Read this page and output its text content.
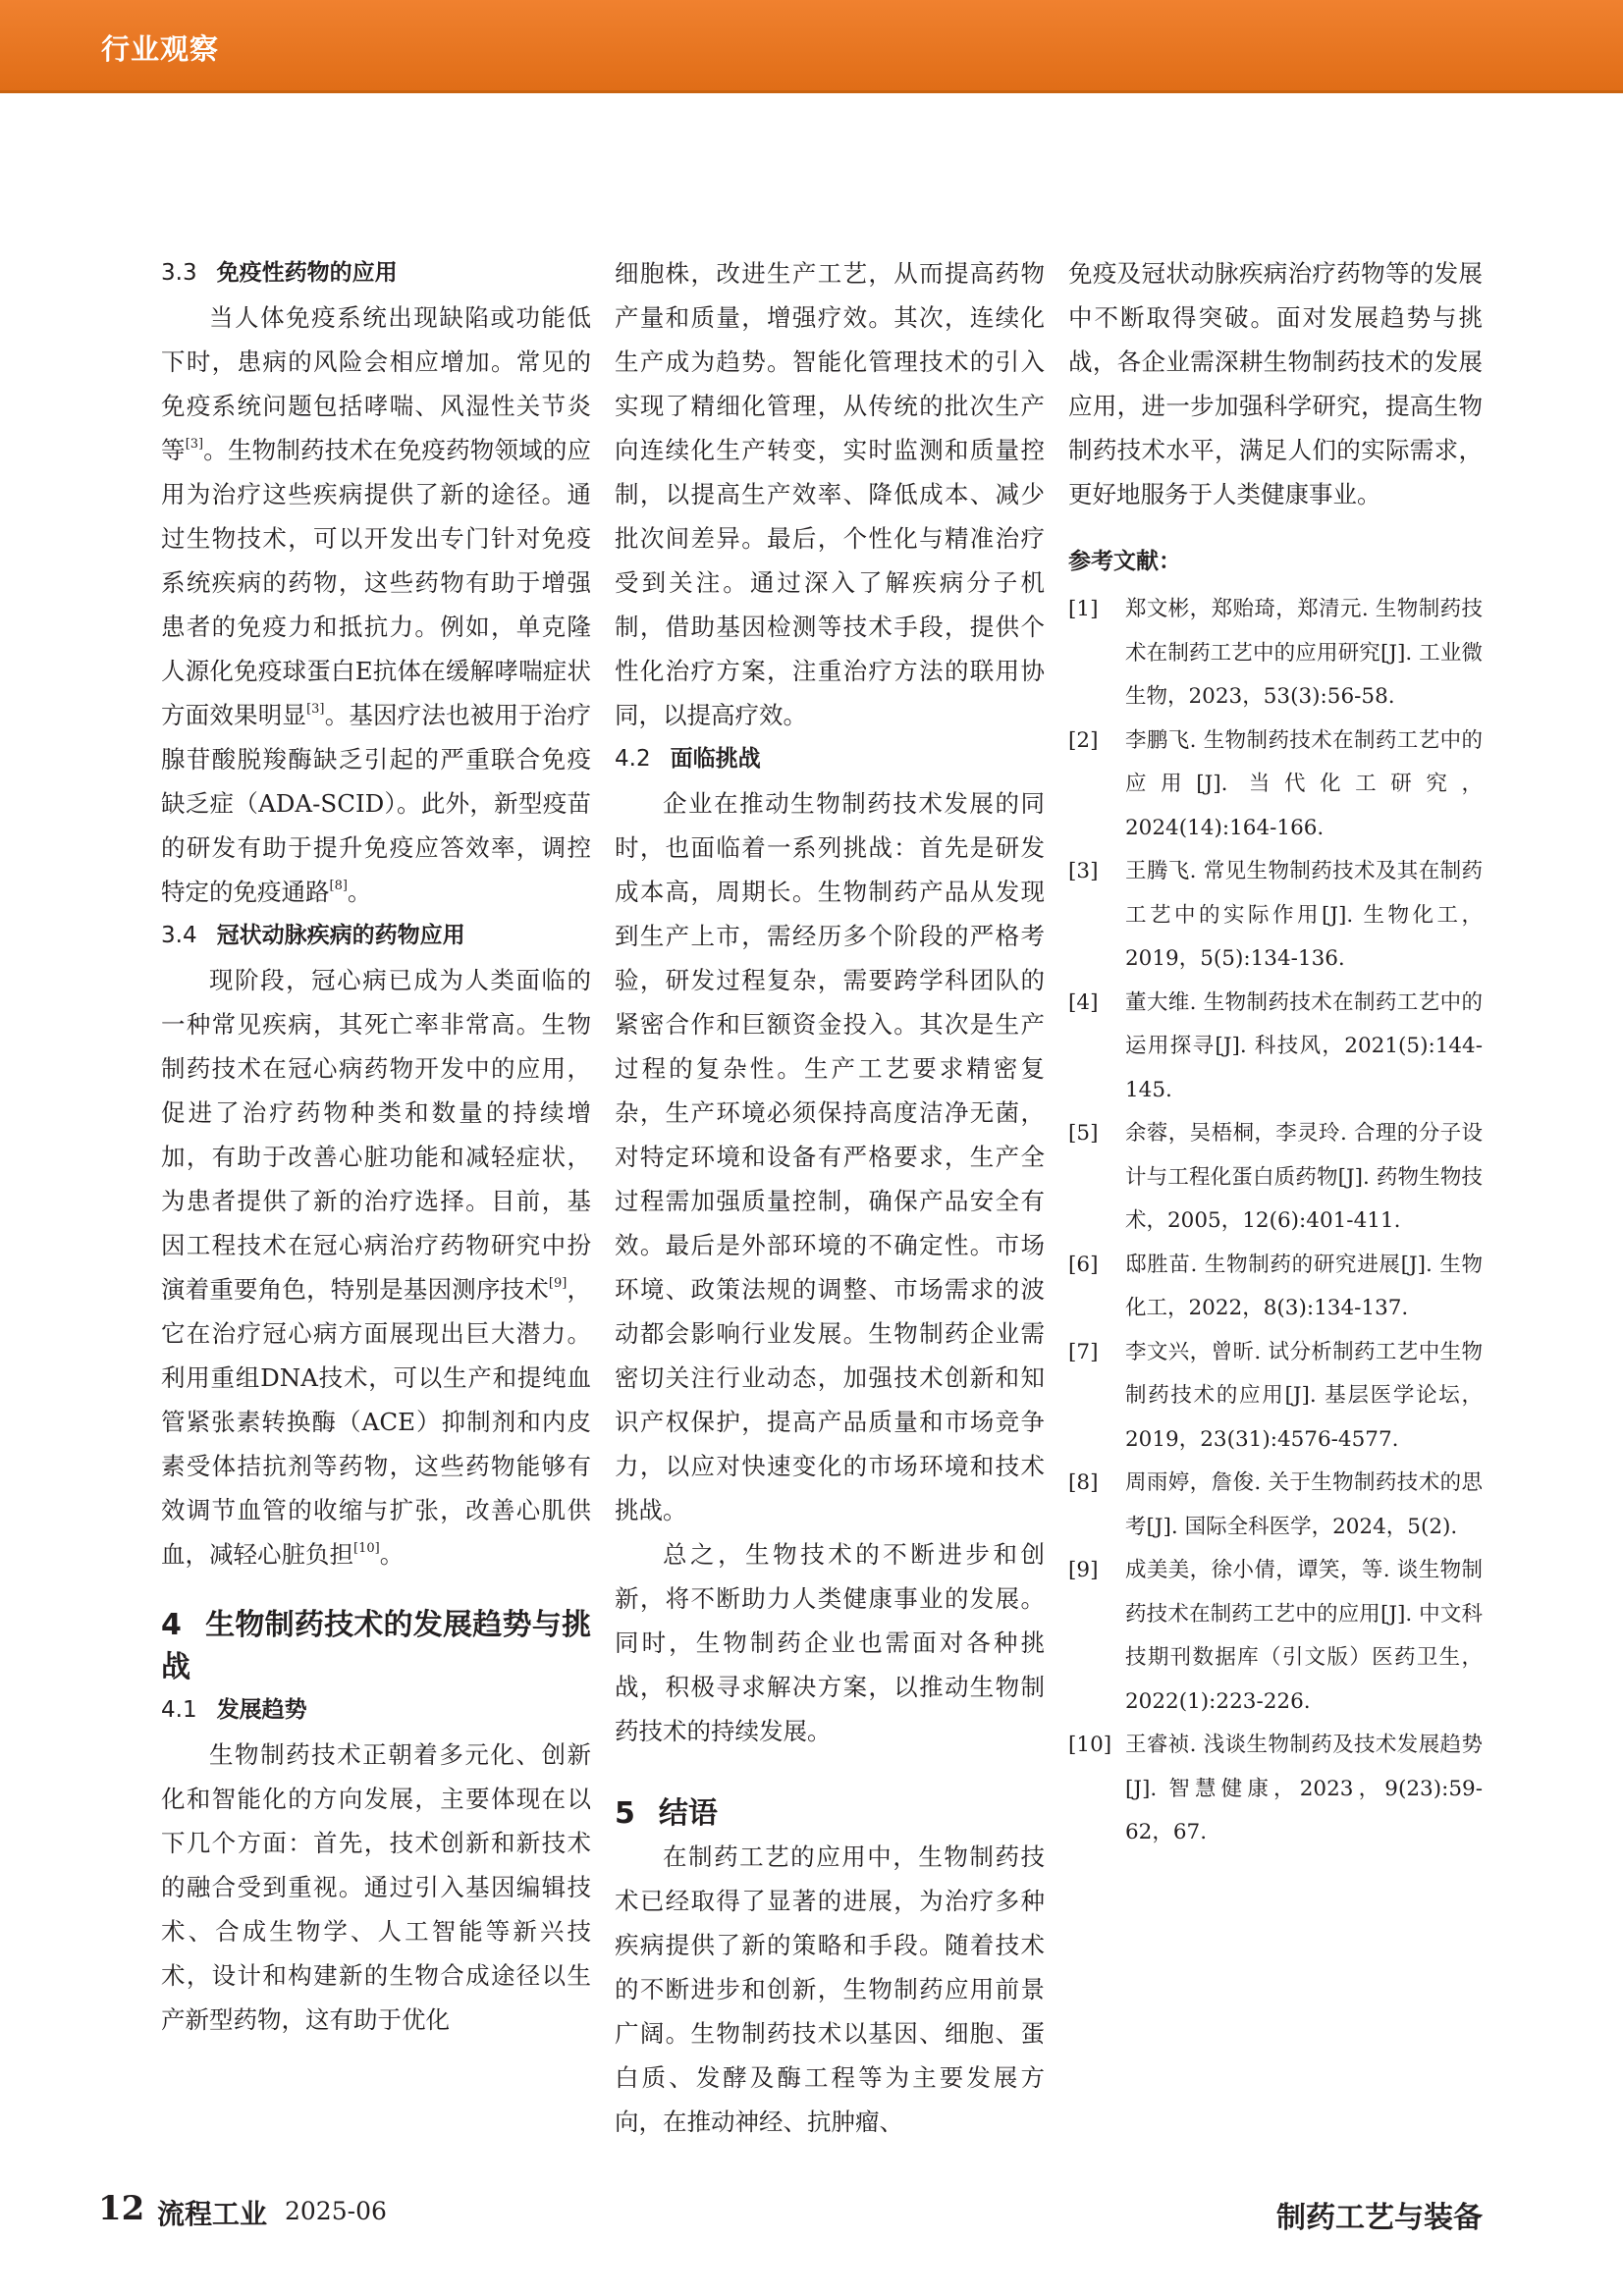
行业观察
3.3 免疫性药物的应用

当人体免疫系统出现缺陷或功能低下时，患病的风险会相应增加。常见的免疫系统问题包括哮喘、风湿性关节炎等[3]。生物制药技术在免疫药物领域的应用为治疗这些疾病提供了新的途径。通过生物技术，可以开发出专门针对免疫系统疾病的药物，这些药物有助于增强患者的免疫力和抵抗力。例如，单克隆人源化免疫球蛋白E抗体在缓解哮喘症状方面效果明显[3]。基因疗法也被用于治疗腺苷酸脱羧酶缺乏引起的严重联合免疫缺乏症（ADA-SCID）。此外，新型疫苗的研发有助于提升免疫应答效率，调控特定的免疫通路[8]。

3.4 冠状动脉疾病的药物应用

现阶段，冠心病已成为人类面临的一种常见疾病，其死亡率非常高。生物制药技术在冠心病药物开发中的应用，促进了治疗药物种类和数量的持续增加，有助于改善心脏功能和减轻症状，为患者提供了新的治疗选择。目前，基因工程技术在冠心病治疗药物研究中扮演着重要角色，特别是基因测序技术[9]，它在治疗冠心病方面展现出巨大潜力。利用重组DNA技术，可以生产和提纯血管紧张素转换酶（ACE）抑制剂和内皮素受体拮抗剂等药物，这些药物能够有效调节血管的收缩与扩张，改善心肌供血，减轻心脏负担[10]。

4 生物制药技术的发展趋势与挑战
4.1 发展趋势

生物制药技术正朝着多元化、创新化和智能化的方向发展，主要体现在以下几个方面：首先，技术创新和新技术的融合受到重视。通过引入基因编辑技术、合成生物学、人工智能等新兴技术，设计和构建新的生物合成途径以生产新型药物，这有助于优化

细胞株，改进生产工艺，从而提高药物产量和质量，增强疗效。其次，连续化生产成为趋势。智能化管理技术的引入实现了精细化管理，从传统的批次生产向连续化生产转变，实时监测和质量控制，以提高生产效率、降低成本、减少批次间差异。最后，个性化与精准治疗受到关注。通过深入了解疾病分子机制，借助基因检测等技术手段，提供个性化治疗方案，注重治疗方法的联用协同，以提高疗效。

4.2 面临挑战

企业在推动生物制药技术发展的同时，也面临着一系列挑战：首先是研发成本高，周期长。生物制药产品从发现到生产上市，需经历多个阶段的严格考验，研发过程复杂，需要跨学科团队的紧密合作和巨额资金投入。其次是生产过程的复杂性。生产工艺要求精密复杂，生产环境必须保持高度洁净无菌，对特定环境和设备有严格要求，生产全过程需加强质量控制，确保产品安全有效。最后是外部环境的不确定性。市场环境、政策法规的调整、市场需求的波动都会影响行业发展。生物制药企业需密切关注行业动态，加强技术创新和知识产权保护，提高产品质量和市场竞争力，以应对快速变化的市场环境和技术挑战。

总之，生物技术的不断进步和创新，将不断助力人类健康事业的发展。同时，生物制药企业也需面对各种挑战，积极寻求解决方案，以推动生物制药技术的持续发展。

5 结语

在制药工艺的应用中，生物制药技术已经取得了显著的进展，为治疗多种疾病提供了新的策略和手段。随着技术的不断进步和创新，生物制药应用前景广阔。生物制药技术以基因、细胞、蛋白质、发酵及酶工程等为主要发展方向，在推动神经、抗肿瘤、

免疫及冠状动脉疾病治疗药物等的发展中不断取得突破。面对发展趋势与挑战，各企业需深耕生物制药技术的发展应用，进一步加强科学研究，提高生物制药技术水平，满足人们的实际需求，更好地服务于人类健康事业。

参考文献：
[1] 郑文彬，郑贻琦，郑清元. 生物制药技术在制药工艺中的应用研究[J]. 工业微生物，2023，53(3):56-58.
[2] 李鹏飞. 生物制药技术在制药工艺中的应用[J]. 当代化工研究，2024(14):164-166.
[3] 王腾飞. 常见生物制药技术及其在制药工艺中的实际作用[J]. 生物化工，2019，5(5):134-136.
[4] 董大维. 生物制药技术在制药工艺中的运用探寻[J]. 科技风，2021(5):144-145.
[5] 余蓉，吴梧桐，李灵玲. 合理的分子设计与工程化蛋白质药物[J]. 药物生物技术，2005，12(6):401-411.
[6] 邸胜苗. 生物制药的研究进展[J]. 生物化工，2022，8(3):134-137.
[7] 李文兴，曾昕. 试分析制药工艺中生物制药技术的应用[J]. 基层医学论坛，2019，23(31):4576-4577.
[8] 周雨婷，詹俊. 关于生物制药技术的思考[J]. 国际全科医学，2024，5(2).
[9] 成美美，徐小倩，谭笑，等. 谈生物制药技术在制药工艺中的应用[J]. 中文科技期刊数据库（引文版）医药卫生，2022(1):223-226.
[10] 王睿祯. 浅谈生物制药及技术发展趋势[J]. 智慧健康，2023，9(23):59-62，67.
12 流程工业 2025-06	制药工艺与装备
